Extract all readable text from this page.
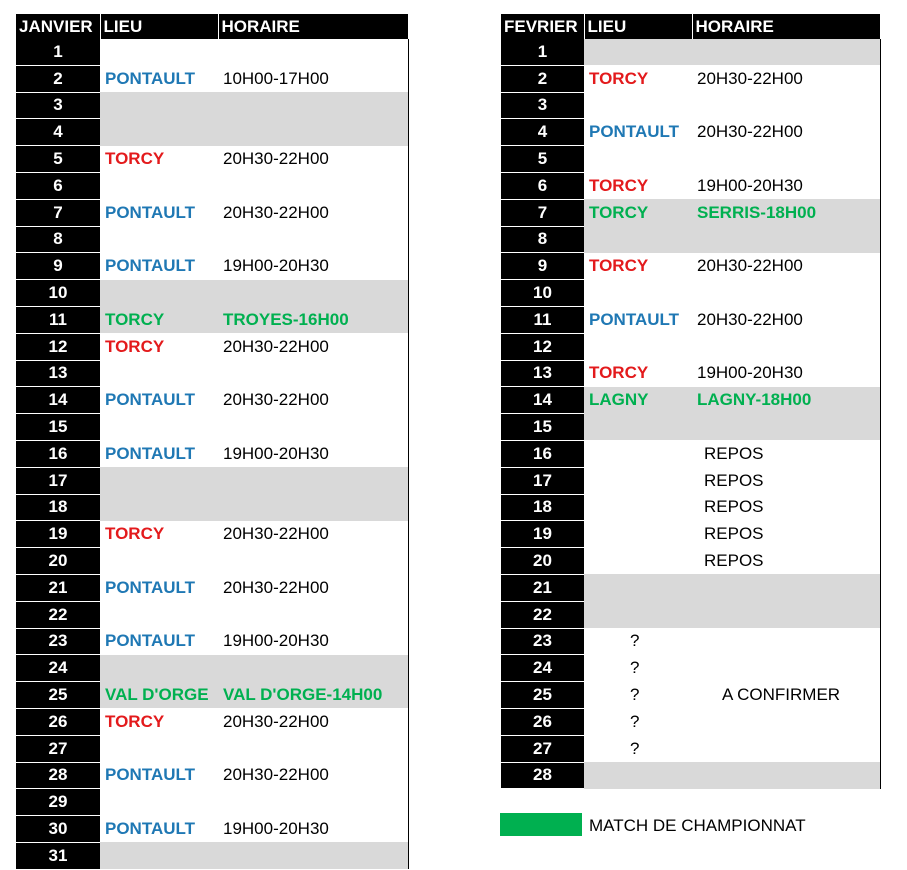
JANVIER	LIEU	HORAIRE
1		
2	PONTAULT	10H00-17H00
3		
4		
5	TORCY	20H30-22H00
6		
7	PONTAULT	20H30-22H00
8		
9	PONTAULT	19H00-20H30
10		
11	TORCY	TROYES-16H00
12	TORCY	20H30-22H00
13		
14	PONTAULT	20H30-22H00
15		
16	PONTAULT	19H00-20H30
17		
18		
19	TORCY	20H30-22H00
20		
21	PONTAULT	20H30-22H00
22		
23	PONTAULT	19H00-20H30
24		
25	VAL D'ORGE	VAL D'ORGE-14H00
26	TORCY	20H30-22H00
27		
28	PONTAULT	20H30-22H00
29		
30	PONTAULT	19H00-20H30
31		
FEVRIER	LIEU	HORAIRE
1		
2	TORCY	20H30-22H00
3		
4	PONTAULT	20H30-22H00
5		
6	TORCY	19H00-20H30
7	TORCY	SERRIS-18H00
8		
9	TORCY	20H30-22H00
10		
11	PONTAULT	20H30-22H00
12		
13	TORCY	19H00-20H30
14	LAGNY	LAGNY-18H00
15		
16		REPOS
17		REPOS
18		REPOS
19		REPOS
20		REPOS
21		
22		
23	?	
24	?	
25	?	A CONFIRMER
26	?	
27	?	
28		
MATCH DE CHAMPIONNAT
